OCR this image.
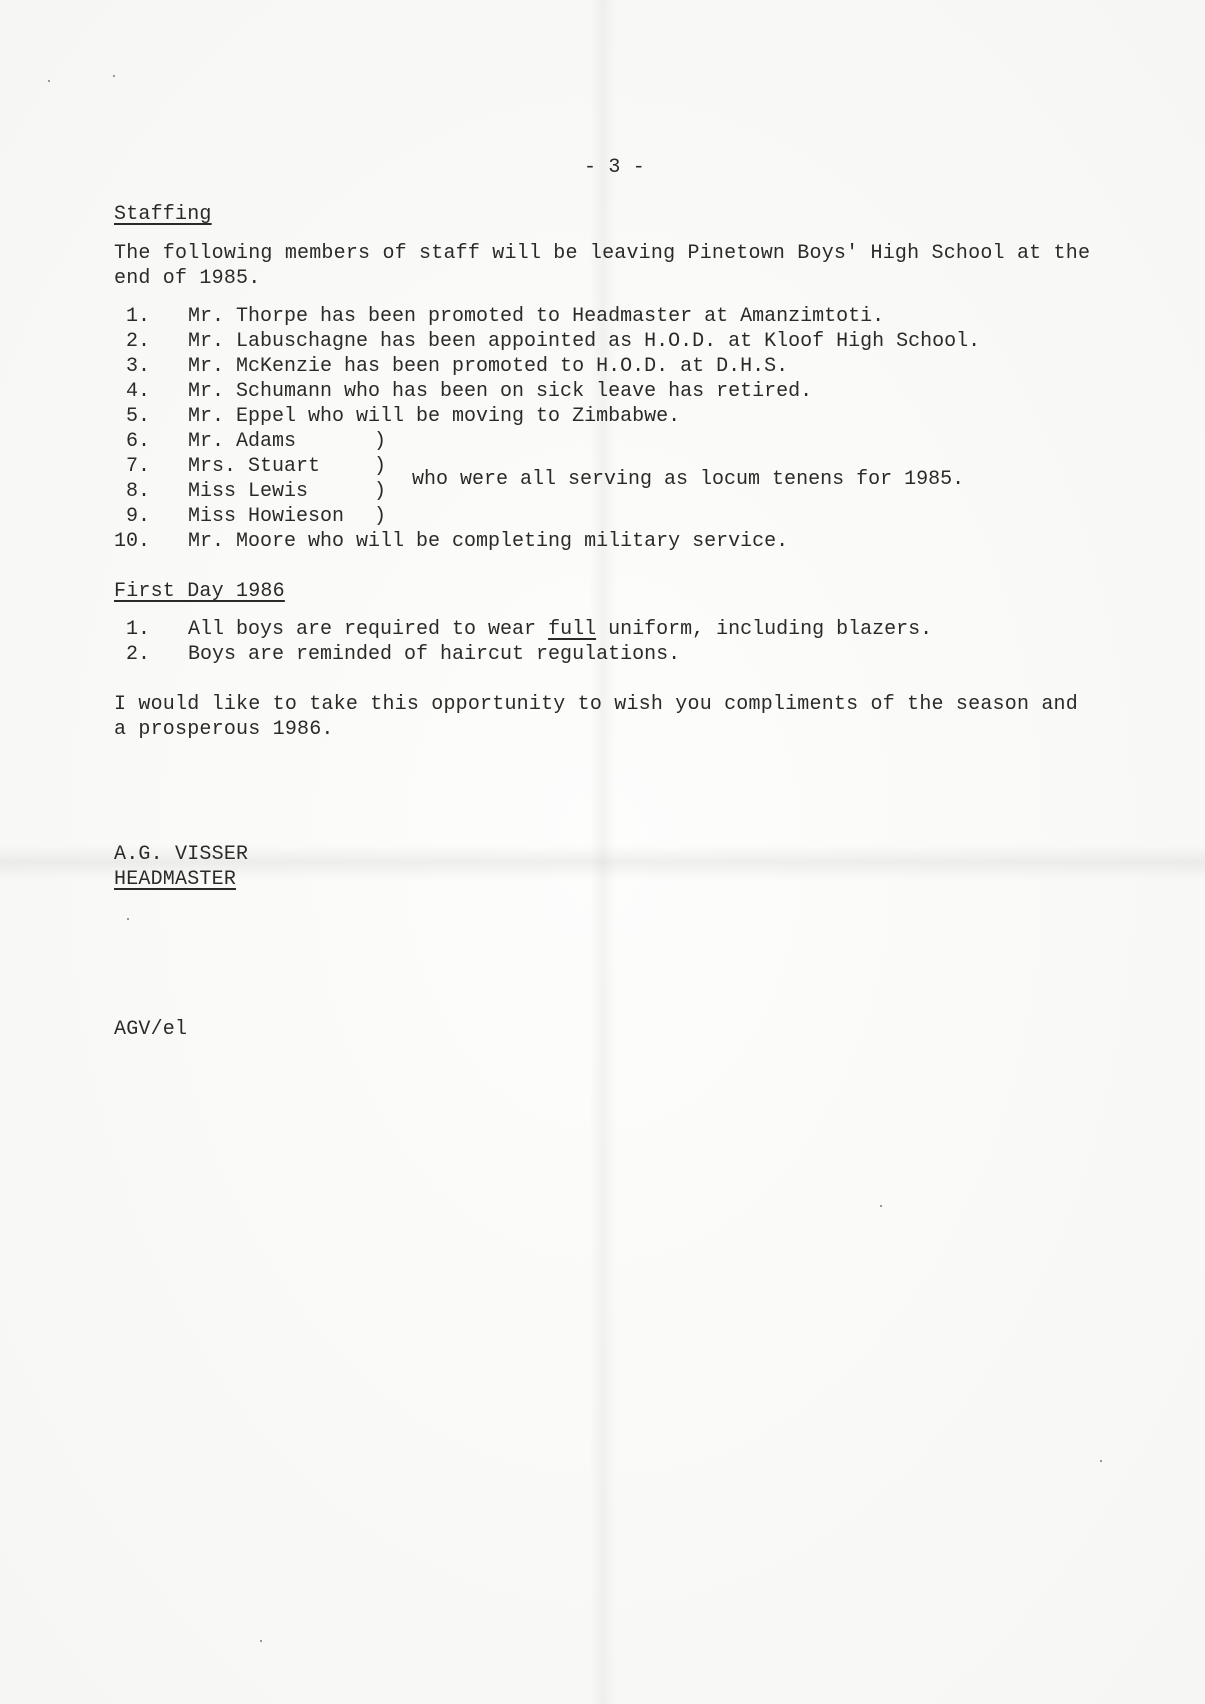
- 3 -
Staffing
The following members of staff will be leaving Pinetown Boys' High School at the
end of 1985.
1. Mr. Thorpe has been promoted to Headmaster at Amanzimtoti.
2. Mr. Labuschagne has been appointed as H.O.D. at Kloof High School.
3. Mr. McKenzie has been promoted to H.O.D. at D.H.S.
4. Mr. Schumann who has been on sick leave has retired.
5. Mr. Eppel who will be moving to Zimbabwe.
6. Mr. Adams
7. Mrs. Stuart
8. Miss Lewis
9. Miss Howieson
10. Mr. Moore who will be completing military service.
)
)
)
)
who were all serving as locum tenens for 1985.
First Day 1986
1. All boys are required to wear full uniform, including blazers.
2. Boys are reminded of haircut regulations.
I would like to take this opportunity to wish you compliments of the season and
a prosperous 1986.
A.G. VISSER
HEADMASTER
AGV/el
